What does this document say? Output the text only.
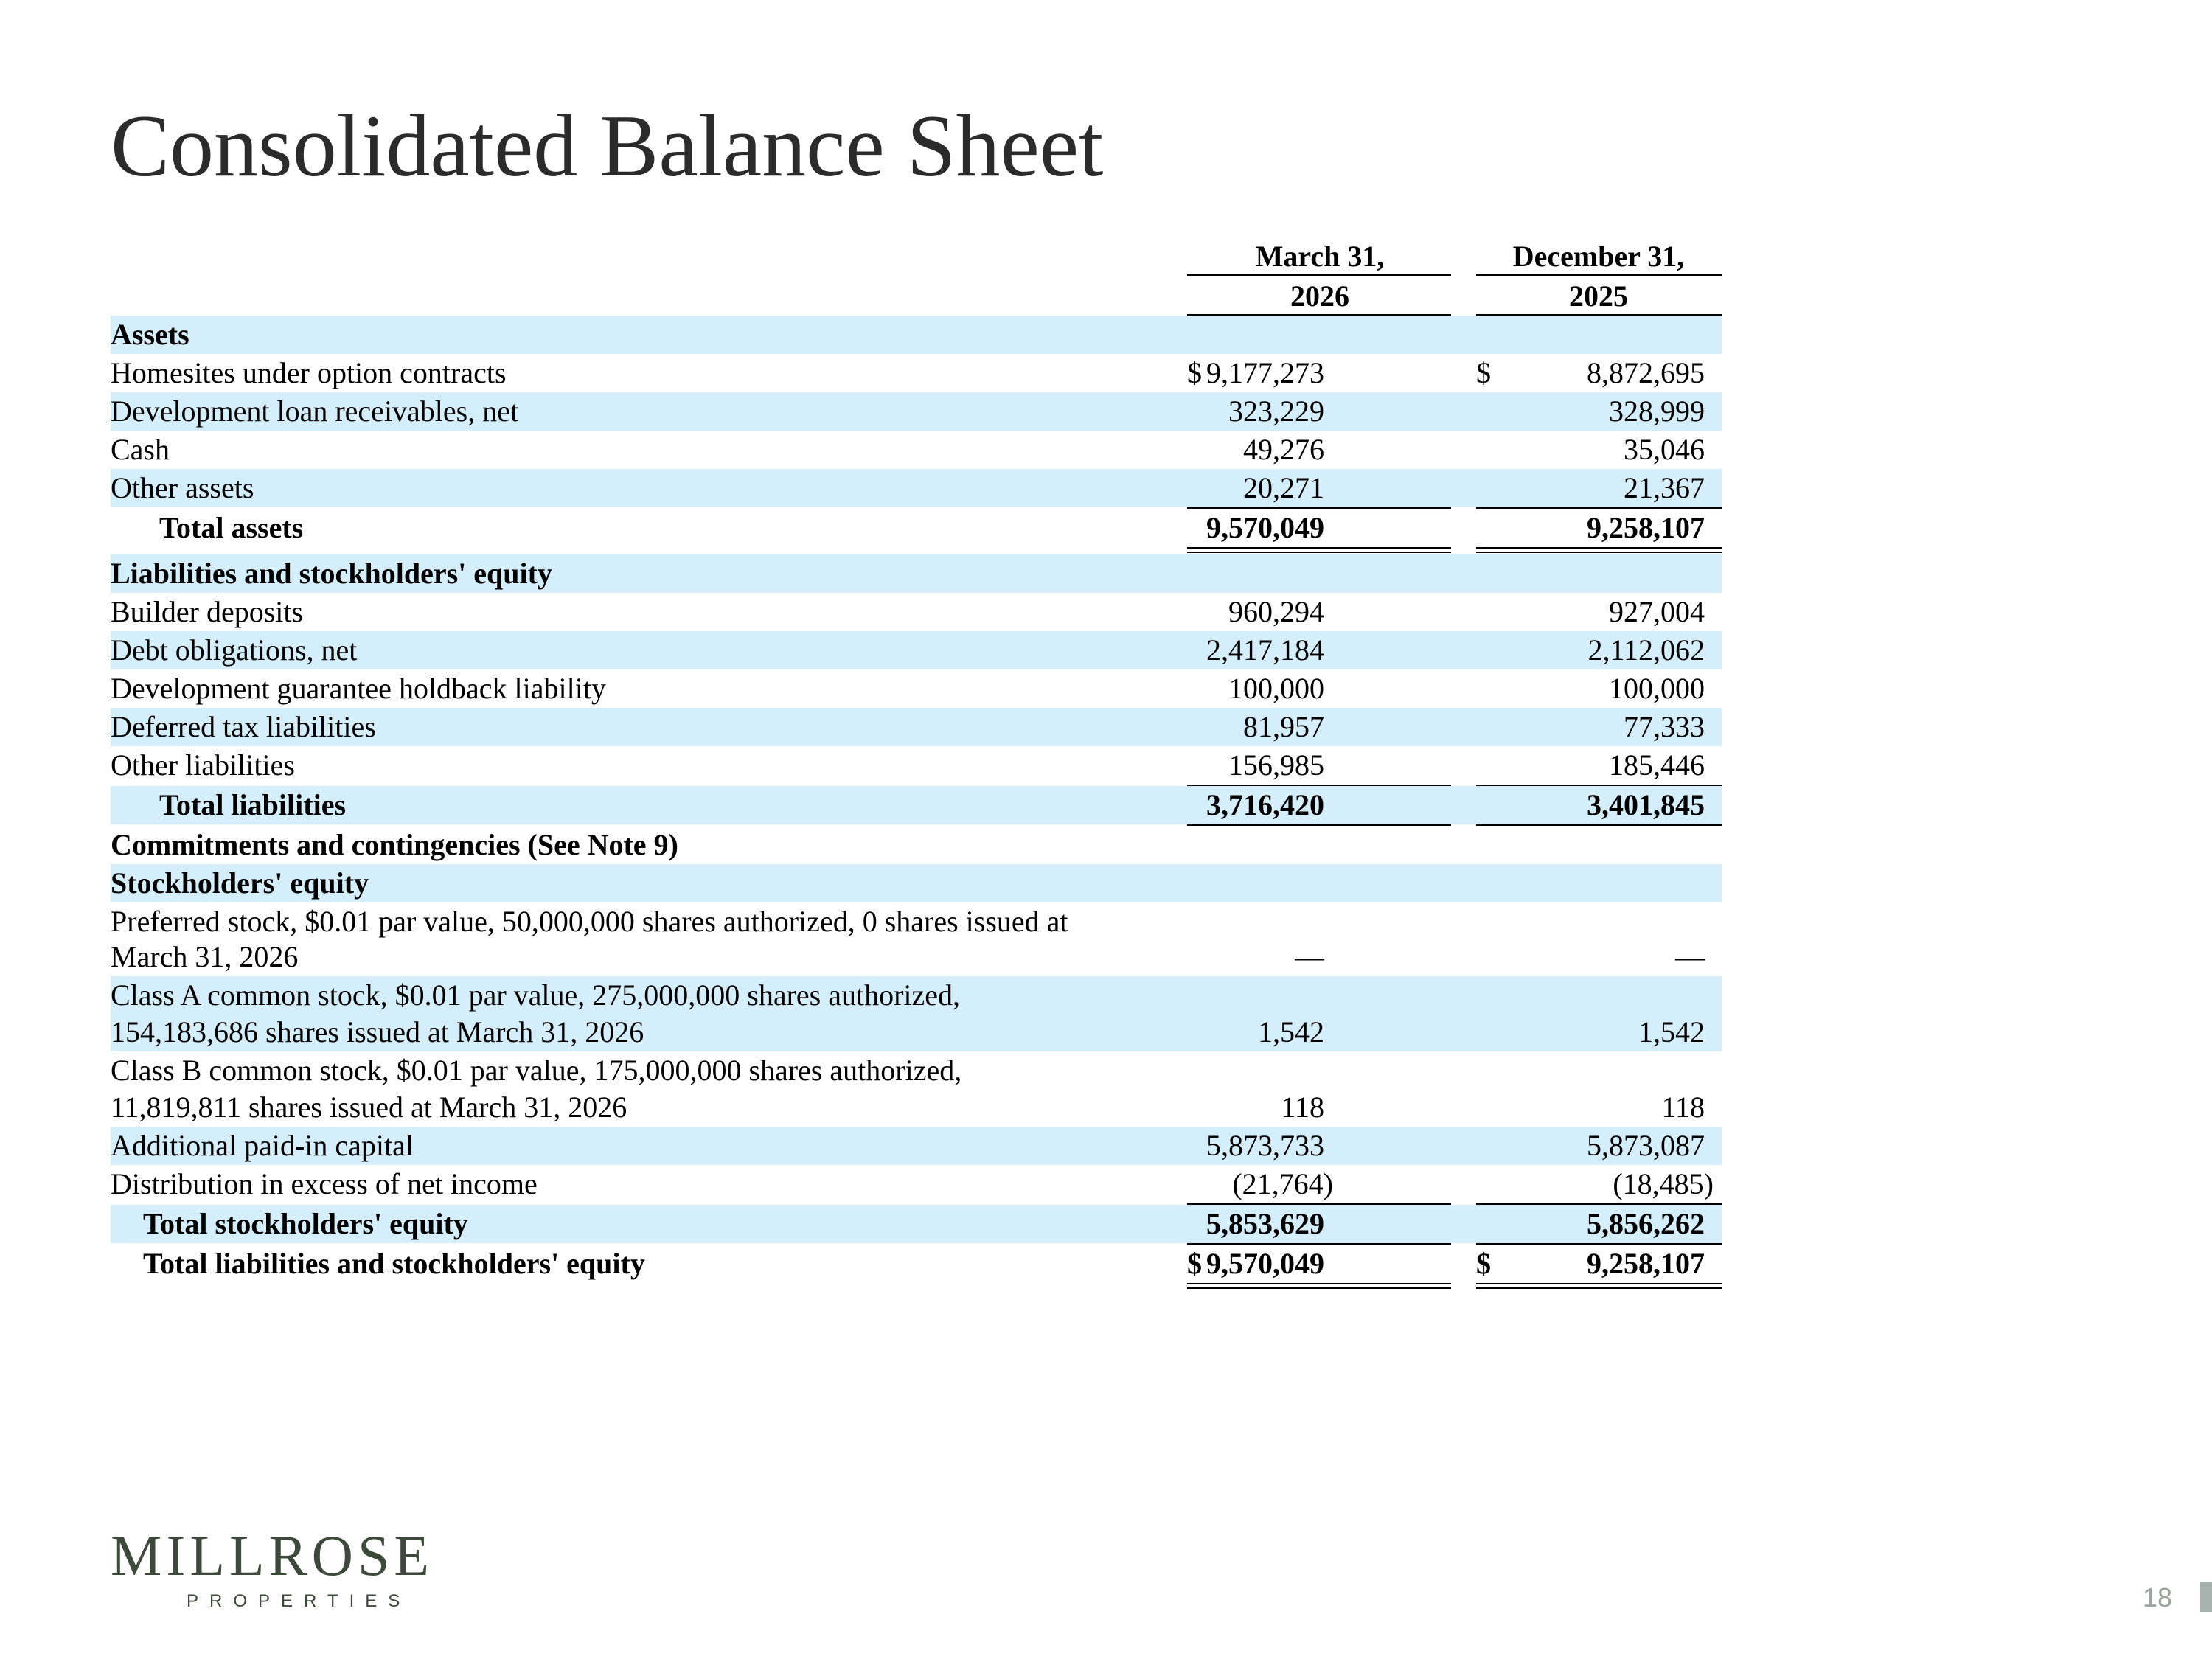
Consolidated Balance Sheet
March 31,	December 31,
2026	2025
Assets
Homesites under option contracts	$ 9,177,273	$	8,872,695
Development loan receivables, net	323,229	328,999
Cash	49,276	35,046
Other assets	20,271	21,367
Total assets	9,570,049	9,258,107
Liabilities and stockholders' equity
Builder deposits	960,294	927,004
Debt obligations, net	2,417,184	2,112,062
Development guarantee holdback liability	100,000	100,000
Deferred tax liabilities	81,957	77,333
Other liabilities	156,985	185,446
Total liabilities	3,716,420	3,401,845
Commitments and contingencies (See Note 9)
Stockholders' equity
Preferred stock, $0.01 par value, 50,000,000 shares authorized, 0 shares issued at
March 31, 2026	—	—
Class A common stock, $0.01 par value, 275,000,000 shares authorized,
154,183,686 shares issued at March 31, 2026	1,542	1,542
Class B common stock, $0.01 par value, 175,000,000 shares authorized,
11,819,811 shares issued at March 31, 2026	118	118
Additional paid-in capital	5,873,733	5,873,087
Distribution in excess of net income	(21,764)	(18,485)
Total stockholders' equity	5,853,629	5,856,262
Total liabilities and stockholders' equity	$ 9,570,049	$	9,258,107
MILLROSE
PROPERTIES	18
